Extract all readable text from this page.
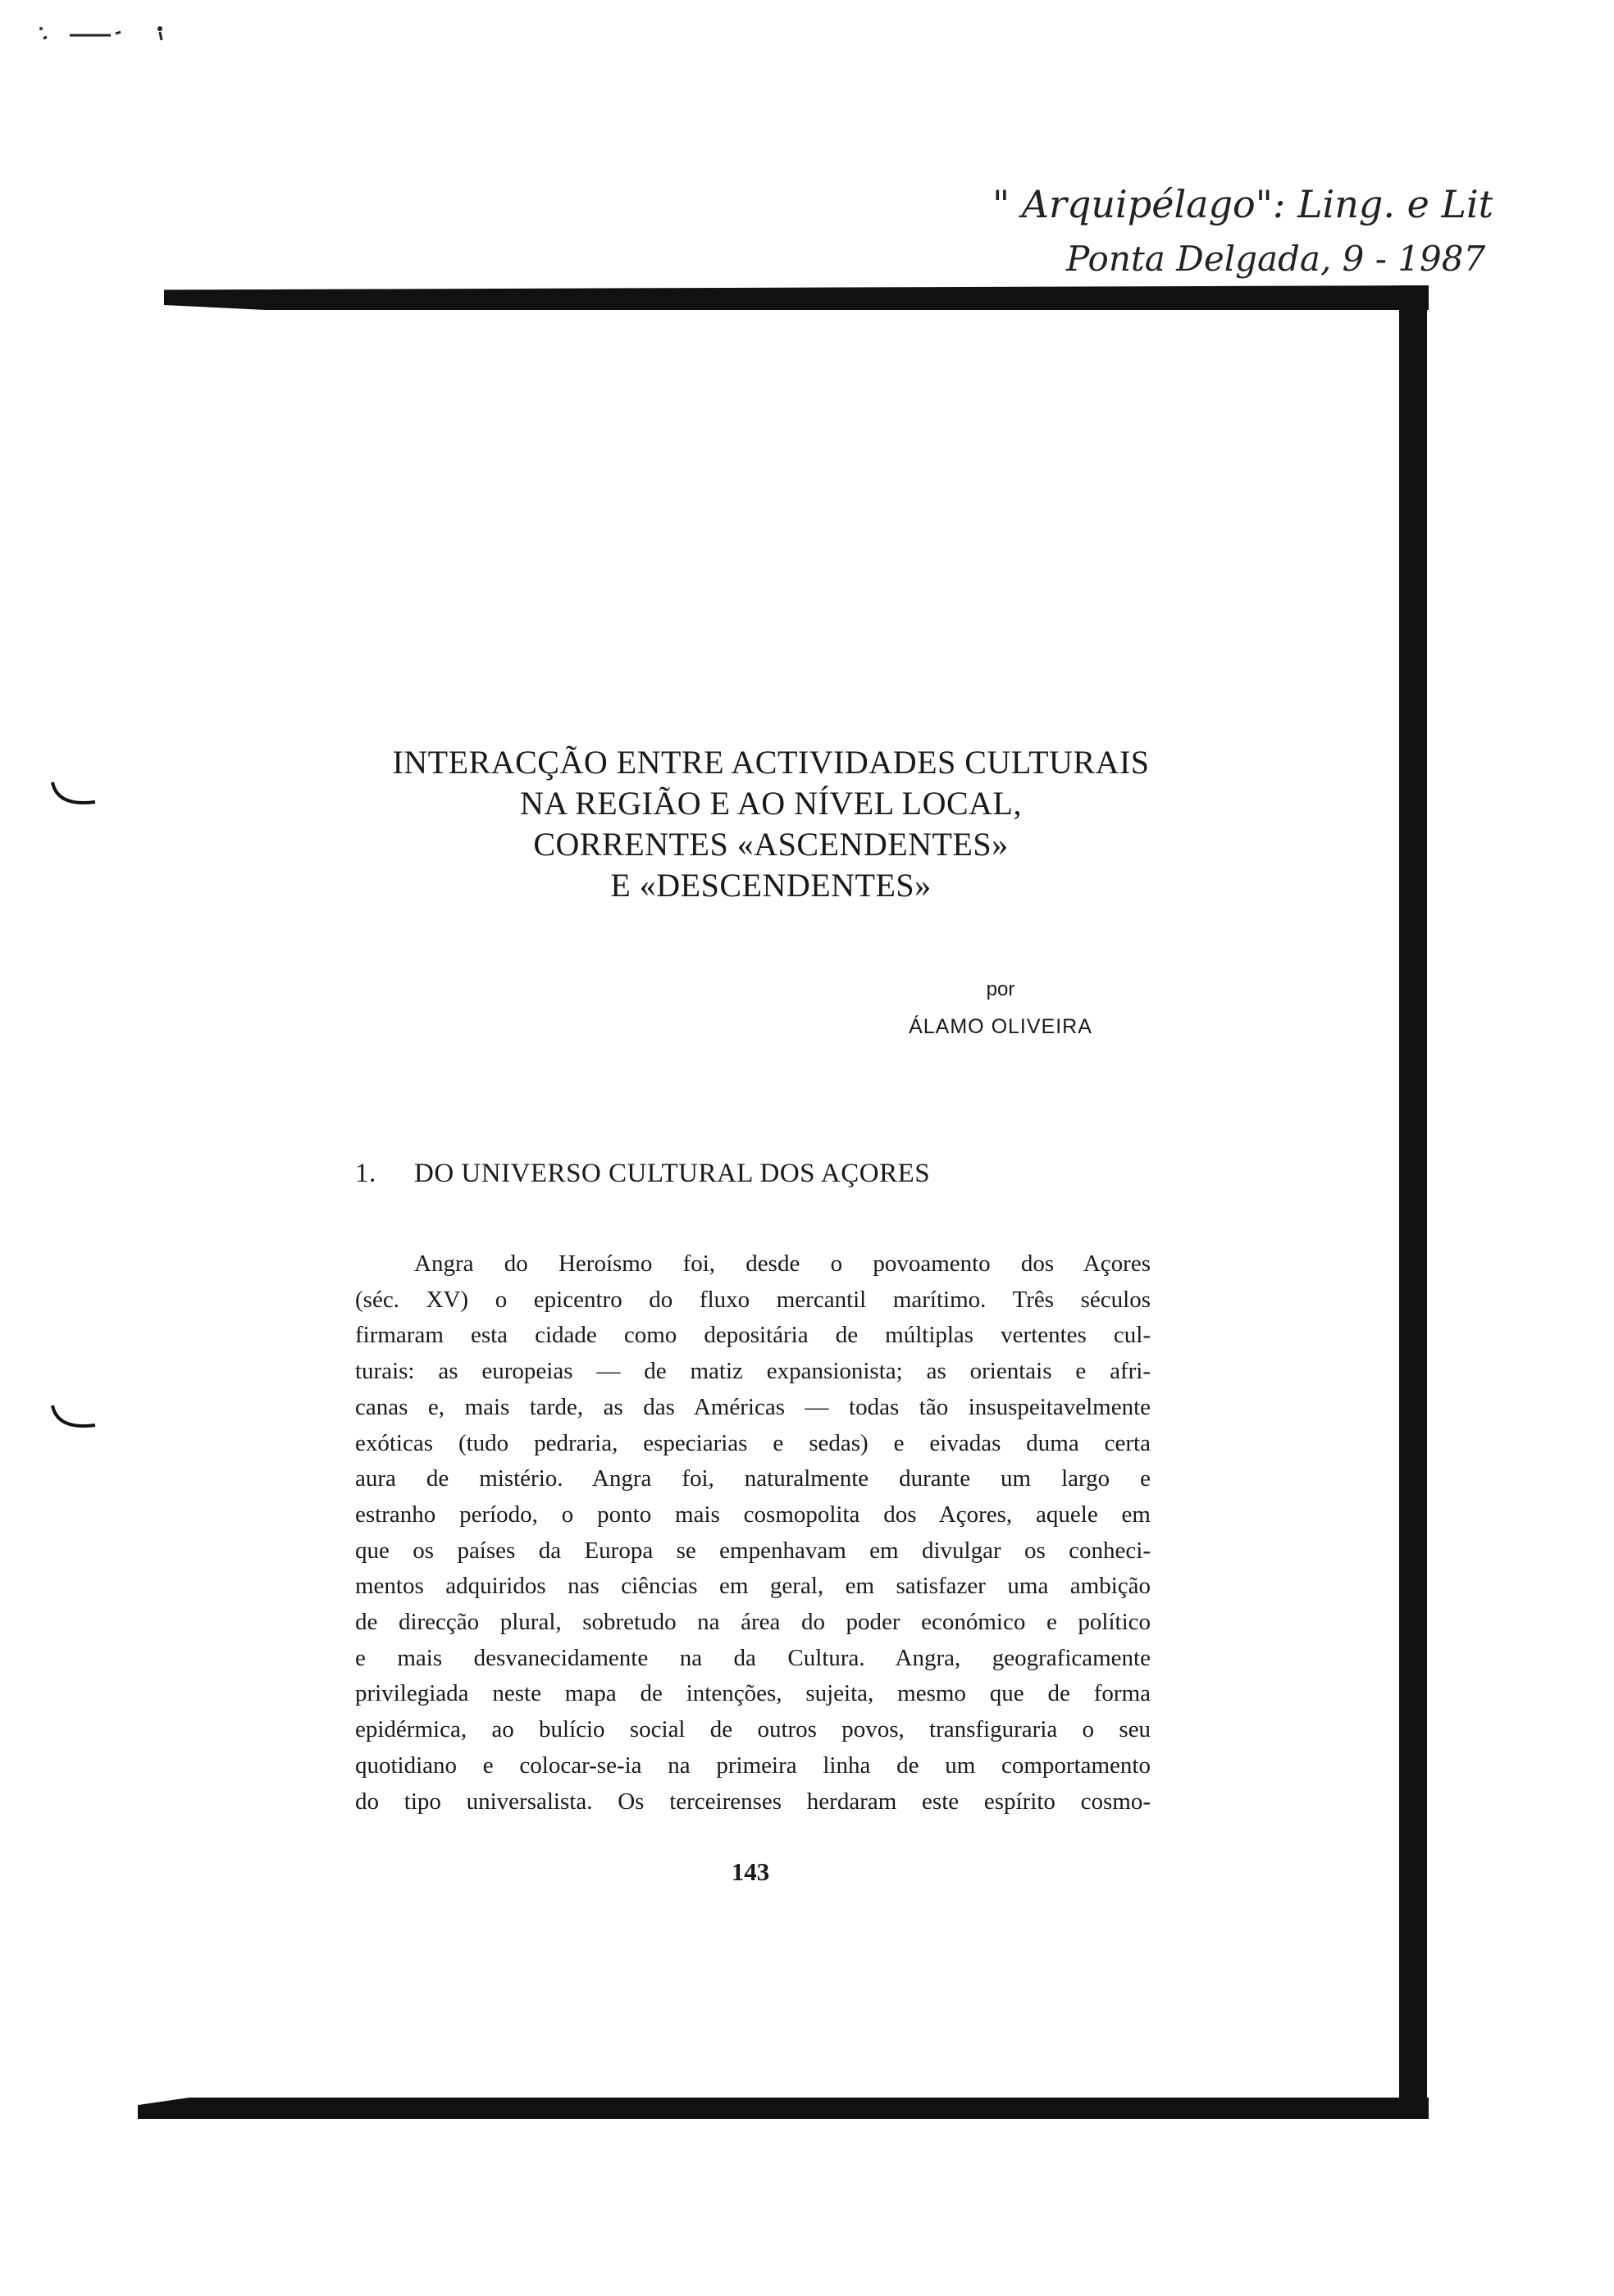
" Arquipélago": Ling. e Lit.
Ponta Delgada, 9 - 1987
INTERACÇÃO ENTRE ACTIVIDADES CULTURAIS
NA REGIÃO E AO NÍVEL LOCAL,
CORRENTES «ASCENDENTES»
E «DESCENDENTES»
por
ÁLAMO OLIVEIRA
1. DO UNIVERSO CULTURAL DOS AÇORES
Angra do Heroísmo foi, desde o povoamento dos Açores
(séc. XV) o epicentro do fluxo mercantil marítimo. Três séculos
firmaram esta cidade como depositária de múltiplas vertentes cul-
turais: as europeias — de matiz expansionista; as orientais e afri-
canas e, mais tarde, as das Américas — todas tão insuspeitavelmente
exóticas (tudo pedraria, especiarias e sedas) e eivadas duma certa
aura de mistério. Angra foi, naturalmente durante um largo e
estranho período, o ponto mais cosmopolita dos Açores, aquele em
que os países da Europa se empenhavam em divulgar os conheci-
mentos adquiridos nas ciências em geral, em satisfazer uma ambição
de direcção plural, sobretudo na área do poder económico e político
e mais desvanecidamente na da Cultura. Angra, geograficamente
privilegiada neste mapa de intenções, sujeita, mesmo que de forma
epidérmica, ao bulício social de outros povos, transfiguraria o seu
quotidiano e colocar-se-ia na primeira linha de um comportamento
do tipo universalista. Os terceirenses herdaram este espírito cosmo-
143
